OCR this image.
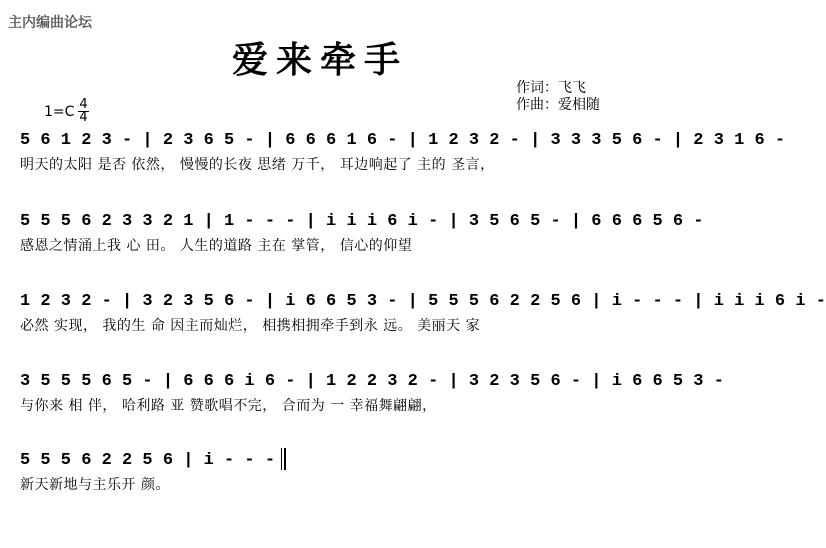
主内编曲论坛
爱来牵手
作词：飞飞
作曲：爱相随
$1=C \frac{4}{4}$
5 6 1 2 3 - | 2 3 6 5 - | 6 6 6 1 6 - | 1 2 3 2 - | 3 3 3 5 6 - | 2 3 1 6 -
明天的太阳 是否 依然， 慢慢的长夜 思绪 万千， 耳边响起了 主的 圣言，
5 5 5 6 2 3 3 2 1 | 1 - - - | i i i 6 i - | 3 5 6 5 - | 6 6 6 5 6 -
感恩之情涌上我 心 田。 人生的道路 主在 掌管， 信心的仰望
1 2 3 2 - | 3 2 3 5 6 - | i 6 6 5 3 - | 5 5 5 6 2 2 5 6 | i - - - | i i i 6 i -
必然 实现， 我的生 命 因主而灿烂， 相携相拥牵手到永 远。 美丽天 家
3 5 5 5 6 5 - | 6 6 6 i 6 - | 1 2 2 3 2 - | 3 2 3 5 6 - | i 6 6 5 3 -
与你来 相 伴， 哈利路 亚 赞歌唱不完， 合而为 一 幸福舞翩翩，
5 5 5 6 2 2 5 6 | i - - -
新天新地与主乐开 颜。
